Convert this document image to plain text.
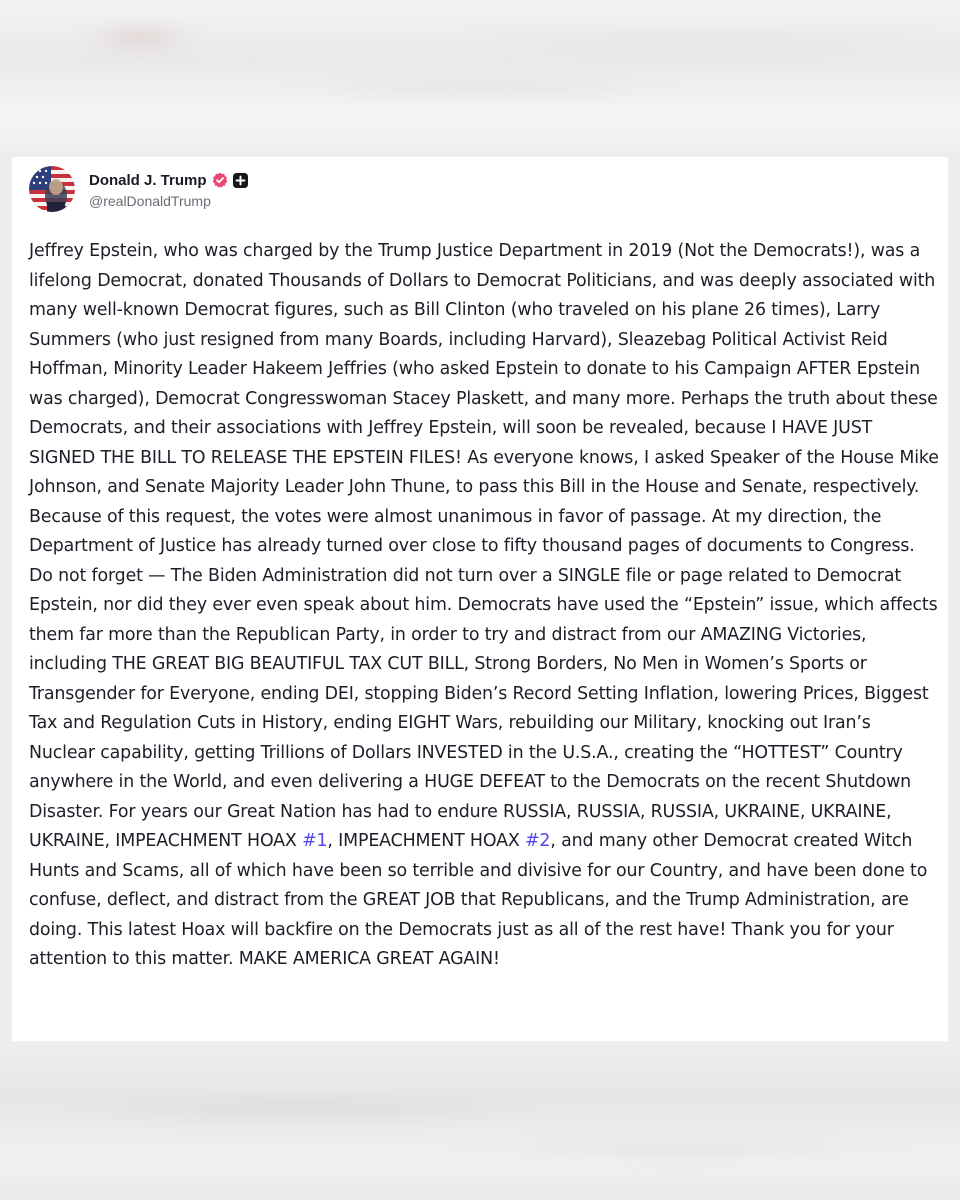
Donald J. Trump
@realDonaldTrump
Jeffrey Epstein, who was charged by the Trump Justice Department in 2019 (Not the Democrats!), was a lifelong Democrat, donated Thousands of Dollars to Democrat Politicians, and was deeply associated with many well-known Democrat figures, such as Bill Clinton (who traveled on his plane 26 times), Larry Summers (who just resigned from many Boards, including Harvard), Sleazebag Political Activist Reid Hoffman, Minority Leader Hakeem Jeffries (who asked Epstein to donate to his Campaign AFTER Epstein was charged), Democrat Congresswoman Stacey Plaskett, and many more. Perhaps the truth about these Democrats, and their associations with Jeffrey Epstein, will soon be revealed, because I HAVE JUST SIGNED THE BILL TO RELEASE THE EPSTEIN FILES! As everyone knows, I asked Speaker of the House Mike Johnson, and Senate Majority Leader John Thune, to pass this Bill in the House and Senate, respectively. Because of this request, the votes were almost unanimous in favor of passage. At my direction, the Department of Justice has already turned over close to fifty thousand pages of documents to Congress. Do not forget — The Biden Administration did not turn over a SINGLE file or page related to Democrat Epstein, nor did they ever even speak about him. Democrats have used the “Epstein” issue, which affects them far more than the Republican Party, in order to try and distract from our AMAZING Victories, including THE GREAT BIG BEAUTIFUL TAX CUT BILL, Strong Borders, No Men in Women’s Sports or Transgender for Everyone, ending DEI, stopping Biden’s Record Setting Inflation, lowering Prices, Biggest Tax and Regulation Cuts in History, ending EIGHT Wars, rebuilding our Military, knocking out Iran’s Nuclear capability, getting Trillions of Dollars INVESTED in the U.S.A., creating the “HOTTEST” Country anywhere in the World, and even delivering a HUGE DEFEAT to the Democrats on the recent Shutdown Disaster. For years our Great Nation has had to endure RUSSIA, RUSSIA, RUSSIA, UKRAINE, UKRAINE, UKRAINE, IMPEACHMENT HOAX #1, IMPEACHMENT HOAX #2, and many other Democrat created Witch Hunts and Scams, all of which have been so terrible and divisive for our Country, and have been done to confuse, deflect, and distract from the GREAT JOB that Republicans, and the Trump Administration, are doing. This latest Hoax will backfire on the Democrats just as all of the rest have! Thank you for your attention to this matter. MAKE AMERICA GREAT AGAIN!
